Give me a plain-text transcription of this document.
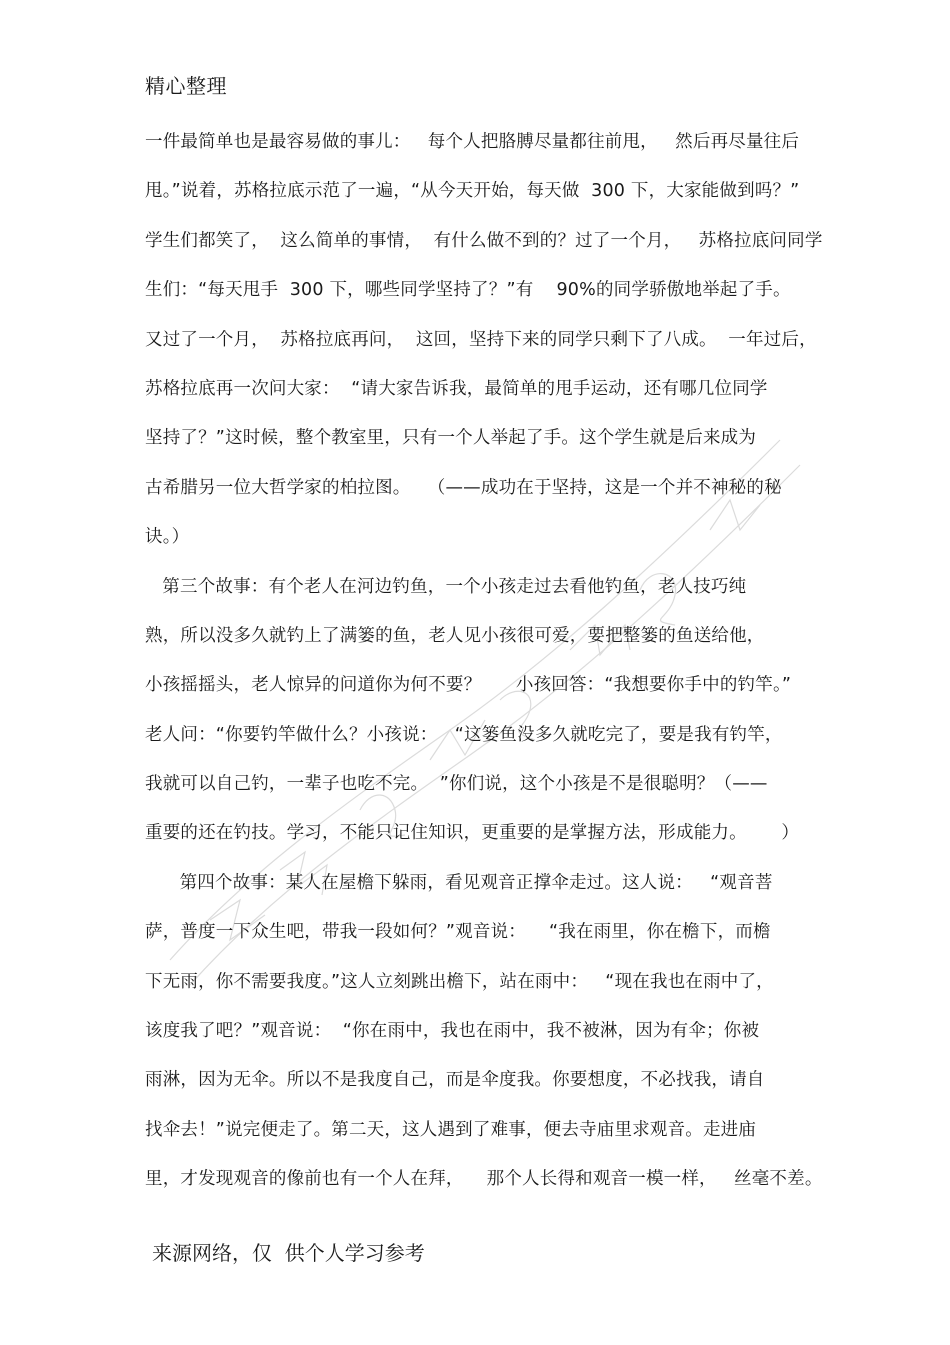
精心整理
一件最简单也是最容易做的事儿：   每个人把胳膊尽量都往前甩，   然后再尽量往后
甩。”说着，苏格拉底示范了一遍，“从今天开始，每天做  300 下，大家能做到吗？”
学生们都笑了，  这么简单的事情，  有什么做不到的？过了一个月，   苏格拉底问同学
生们：“每天甩手  300 下，哪些同学坚持了？”有    90%的同学骄傲地举起了手。
又过了一个月，  苏格拉底再问，  这回，坚持下来的同学只剩下了八成。  一年过后，
苏格拉底再一次问大家：  “请大家告诉我，最简单的甩手运动，还有哪几位同学
坚持了？”这时候，整个教室里，只有一个人举起了手。这个学生就是后来成为
古希腊另一位大哲学家的柏拉图。   （——成功在于坚持，这是一个并不神秘的秘
诀。）
第三个故事：有个老人在河边钓鱼，一个小孩走过去看他钓鱼，老人技巧纯
熟，所以没多久就钓上了满篓的鱼，老人见小孩很可爱，要把整篓的鱼送给他，
小孩摇摇头，老人惊异的问道你为何不要？      小孩回答：“我想要你手中的钓竿。”
老人问：“你要钓竿做什么？小孩说：   “这篓鱼没多久就吃完了，要是我有钓竿，
我就可以自己钓，一辈子也吃不完。  ”你们说，这个小孩是不是很聪明？（——
重要的还在钓技。学习，不能只记住知识，更重要的是掌握方法，形成能力。      ）
第四个故事：某人在屋檐下躲雨，看见观音正撑伞走过。这人说：   “观音菩
萨，普度一下众生吧，带我一段如何？”观音说：    “我在雨里，你在檐下，而檐
下无雨，你不需要我度。”这人立刻跳出檐下，站在雨中：   “现在我也在雨中了，
该度我了吧？”观音说：  “你在雨中，我也在雨中，我不被淋，因为有伞；你被
雨淋，因为无伞。所以不是我度自己，而是伞度我。你要想度，不必找我，请自
找伞去！”说完便走了。第二天，这人遇到了难事，便去寺庙里求观音。走进庙
里，才发现观音的像前也有一个人在拜，    那个人长得和观音一模一样，   丝毫不差。
来源网络，仅  供个人学习参考
